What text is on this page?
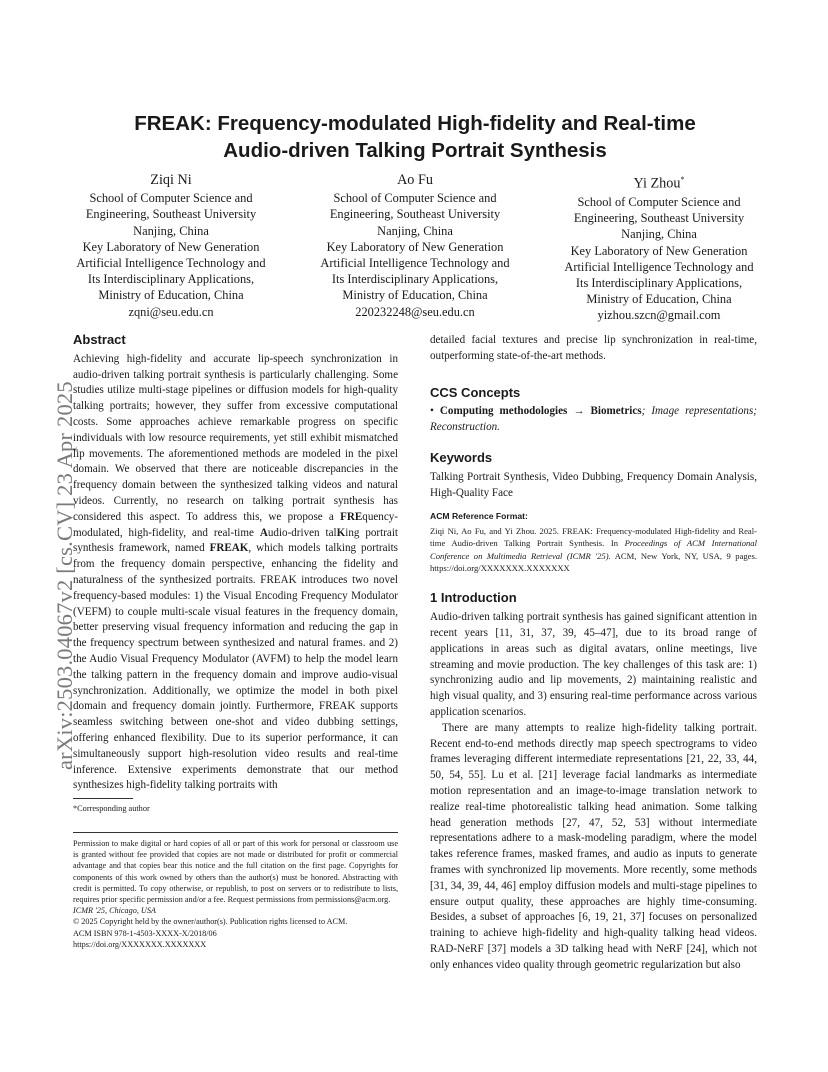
arXiv:2503.04067v2 [cs.CV] 23 Apr 2025
FREAK: Frequency-modulated High-fidelity and Real-time
Audio-driven Talking Portrait Synthesis
Ziqi Ni
School of Computer Science and
Engineering, Southeast University
Nanjing, China
Key Laboratory of New Generation
Artificial Intelligence Technology and
Its Interdisciplinary Applications,
Ministry of Education, China
zqni@seu.edu.cn
Ao Fu
School of Computer Science and
Engineering, Southeast University
Nanjing, China
Key Laboratory of New Generation
Artificial Intelligence Technology and
Its Interdisciplinary Applications,
Ministry of Education, China
220232248@seu.edu.cn
Yi Zhou*
School of Computer Science and
Engineering, Southeast University
Nanjing, China
Key Laboratory of New Generation
Artificial Intelligence Technology and
Its Interdisciplinary Applications,
Ministry of Education, China
yizhou.szcn@gmail.com
Abstract

Achieving high-fidelity and accurate lip-speech synchronization in audio-driven talking portrait synthesis is particularly challenging. Some studies utilize multi-stage pipelines or diffusion models for high-quality talking portraits; however, they suffer from excessive computational costs. Some approaches achieve remarkable progress on specific individuals with low resource requirements, yet still exhibit mismatched lip movements. The aforementioned methods are modeled in the pixel domain. We observed that there are noticeable discrepancies in the frequency domain between the synthesized talking videos and natural videos. Currently, no research on talking portrait synthesis has considered this aspect. To address this, we propose a FREquency-modulated, high-fidelity, and real-time Audio-driven talKing portrait synthesis framework, named FREAK, which models talking portraits from the frequency domain perspective, enhancing the fidelity and naturalness of the synthesized portraits. FREAK introduces two novel frequency-based modules: 1) the Visual Encoding Frequency Modulator (VEFM) to couple multi-scale visual features in the frequency domain, better preserving visual frequency information and reducing the gap in the frequency spectrum between synthesized and natural frames. and 2) the Audio Visual Frequency Modulator (AVFM) to help the model learn the talking pattern in the frequency domain and improve audio-visual synchronization. Additionally, we optimize the model in both pixel domain and frequency domain jointly. Furthermore, FREAK supports seamless switching between one-shot and video dubbing settings, offering enhanced flexibility. Due to its superior performance, it can simultaneously support high-resolution video results and real-time inference. Extensive experiments demonstrate that our method synthesizes high-fidelity talking portraits with

*Corresponding author
Permission to make digital or hard copies of all or part of this work for personal or classroom use is granted without fee provided that copies are not made or distributed for profit or commercial advantage and that copies bear this notice and the full citation on the first page. Copyrights for components of this work owned by others than the author(s) must be honored. Abstracting with credit is permitted. To copy otherwise, or republish, to post on servers or to redistribute to lists, requires prior specific permission and/or a fee. Request permissions from permissions@acm.org.
ICMR '25, Chicago, USA
© 2025 Copyright held by the owner/author(s). Publication rights licensed to ACM.
ACM ISBN 978-1-4503-XXXX-X/2018/06
https://doi.org/XXXXXXX.XXXXXXX

detailed facial textures and precise lip synchronization in real-time, outperforming state-of-the-art methods.

CCS Concepts

• Computing methodologies → Biometrics; Image representations; Reconstruction.

Keywords

Talking Portrait Synthesis, Video Dubbing, Frequency Domain Analysis, High-Quality Face

ACM Reference Format:

Ziqi Ni, Ao Fu, and Yi Zhou. 2025. FREAK: Frequency-modulated High-fidelity and Real-time Audio-driven Talking Portrait Synthesis. In Proceedings of ACM International Conference on Multimedia Retrieval (ICMR '25). ACM, New York, NY, USA, 9 pages. https://doi.org/XXXXXXX.XXXXXXX

1 Introduction

Audio-driven talking portrait synthesis has gained significant attention in recent years [11, 31, 37, 39, 45–47], due to its broad range of applications in areas such as digital avatars, online meetings, live streaming and movie production. The key challenges of this task are: 1) synchronizing audio and lip movements, 2) maintaining realistic and high visual quality, and 3) ensuring real-time performance across various application scenarios.

There are many attempts to realize high-fidelity talking portrait. Recent end-to-end methods directly map speech spectrograms to video frames leveraging different intermediate representations [21, 22, 33, 44, 50, 54, 55]. Lu et al. [21] leverage facial landmarks as intermediate motion representation and an image-to-image translation network to realize real-time photorealistic talking head animation. Some talking head generation methods [27, 47, 52, 53] without intermediate representations adhere to a mask-modeling paradigm, where the model takes reference frames, masked frames, and audio as inputs to generate frames with synchronized lip movements. More recently, some methods [31, 34, 39, 44, 46] employ diffusion models and multi-stage pipelines to ensure output quality, these approaches are highly time-consuming. Besides, a subset of approaches [6, 19, 21, 37] focuses on personalized training to achieve high-fidelity and high-quality talking head videos. RAD-NeRF [37] models a 3D talking head with NeRF [24], which not only enhances video quality through geometric regularization but also
